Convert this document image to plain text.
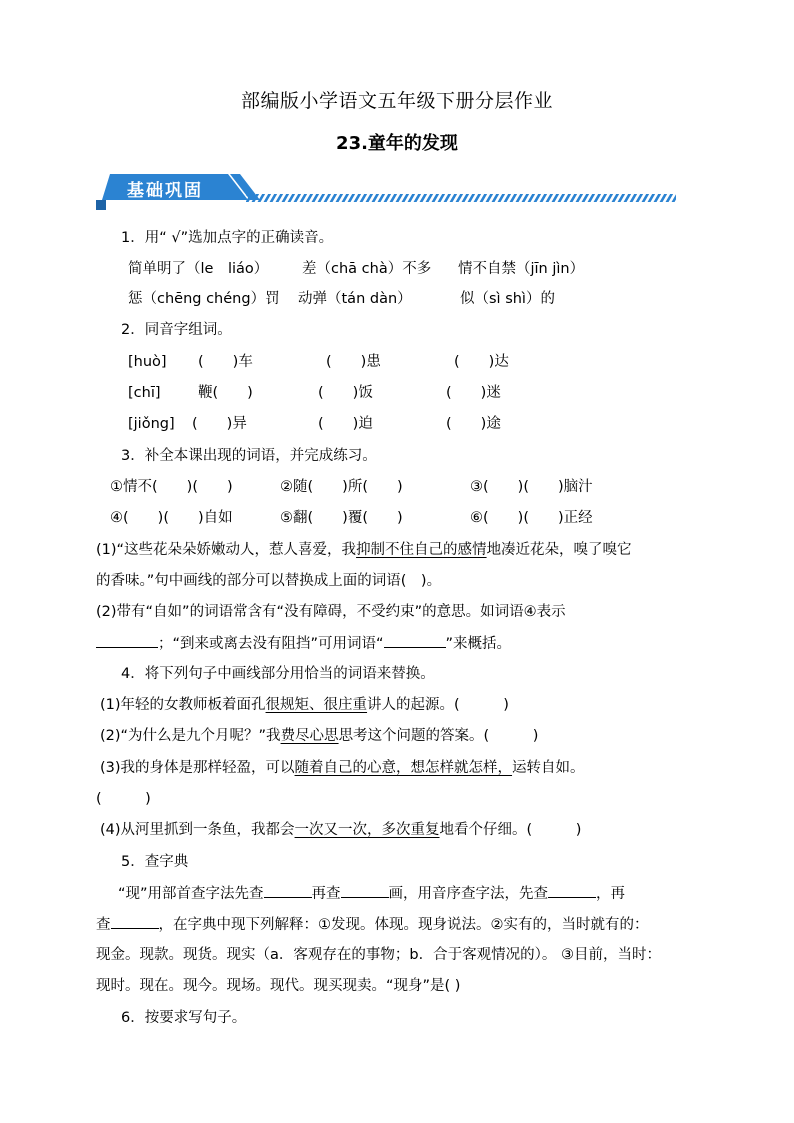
部编版小学语文五年级下册分层作业
23.童年的发现
基础巩固
1．用“ √”选加点字的正确读音。
简单明了（le　liáo） 差（chā chà）不多 情不自禁（jīn jìn）
惩（chēng chéng）罚 动弹（tán dàn）	似（sì shì）的
2．同音字组词。
[huò] (　　)车	(　　)患	(　　)达
[chī]	鞭(　　)	(　　)饭	(　　)迷
[jiǒng] (　　)异	(　　)迫	(　　)途
3．补全本课出现的词语，并完成练习。
①情不(　　)(　　)	②随(　　)所(　　)	③(　　)(　　)脑汁
④(　　)(　　)自如	⑤翻(　　)覆(　　)	⑥(　　)(　　)正经
(1)“这些花朵朵娇嫩动人，惹人喜爱，我抑制不住自己的感情地凑近花朵，嗅了嗅它
的香味。”句中画线的部分可以替换成上面的词语(　)。
(2)带有“自如”的词语常含有“没有障碍，不受约束”的意思。如词语④表示
；“到来或离去没有阻挡”可用词语“	”来概括。
4．将下列句子中画线部分用恰当的词语来替换。
(1)年轻的女教师板着面孔很规矩、很庄重讲人的起源。(　　　)
(2)“为什么是九个月呢？”我费尽心思思考这个问题的答案。(　　　)
(3)我的身体是那样轻盈，可以随着自己的心意，想怎样就怎样，运转自如。
(　　　)
(4)从河里抓到一条鱼，我都会一次又一次，多次重复地看个仔细。(　　　)
5．查字典
“现”用部首查字法先查	再查	画，用音序查字法，先查	，再
查	，在字典中现下列解释：①发现。体现。现身说法。②实有的，当时就有的：
现金。现款。现货。现实（a．客观存在的事物；b．合于客观情况的）。 ③目前，当时：
现时。现在。现今。现场。现代。现买现卖。“现身”是( )
6．按要求写句子。
